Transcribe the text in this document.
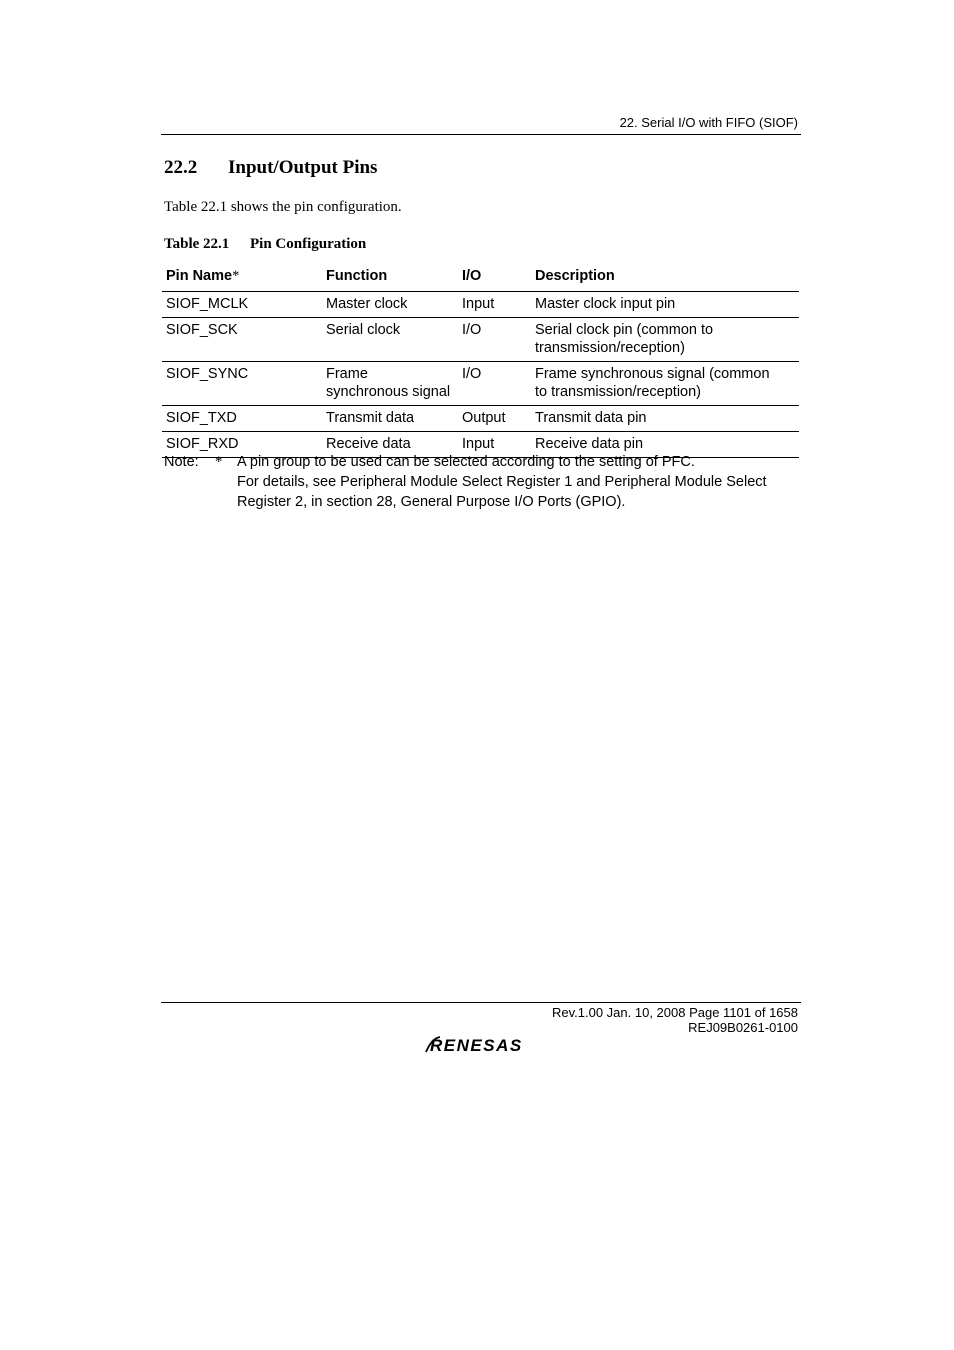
22. Serial I/O with FIFO (SIOF)
22.2 Input/Output Pins
Table 22.1 shows the pin configuration.
Table 22.1 Pin Configuration
Pin Name*	Function	I/O	Description
SIOF_MCLK	Master clock	Input	Master clock input pin
SIOF_SCK	Serial clock	I/O	Serial clock pin (common to transmission/reception)
SIOF_SYNC	Frame synchronous signal	I/O	Frame synchronous signal (common to transmission/reception)
SIOF_TXD	Transmit data	Output	Transmit data pin
SIOF_RXD	Receive data	Input	Receive data pin
Note: * A pin group to be used can be selected according to the setting of PFC.
For details, see Peripheral Module Select Register 1 and Peripheral Module Select Register 2, in section 28, General Purpose I/O Ports (GPIO).
Rev.1.00 Jan. 10, 2008 Page 1101 of 1658
REJ09B0261-0100
RENESAS
